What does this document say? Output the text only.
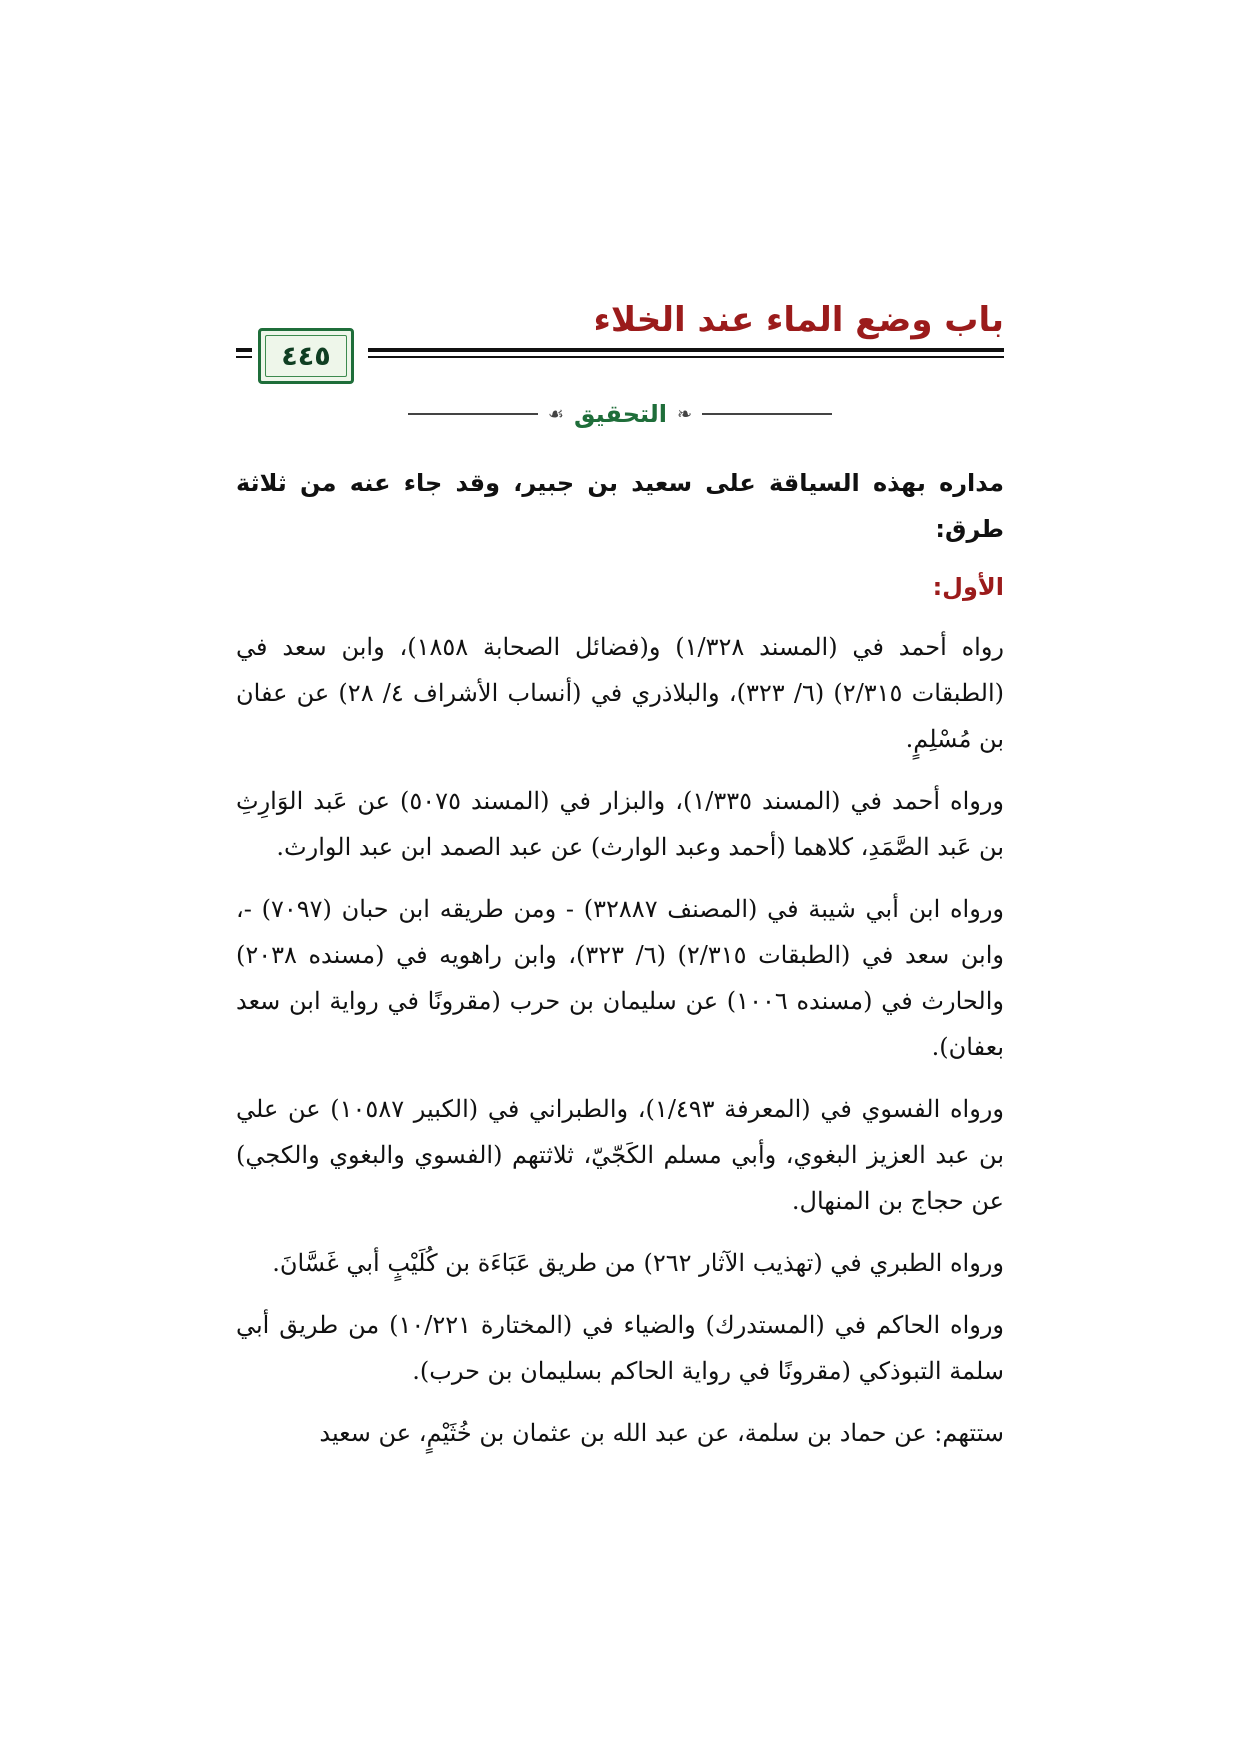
باب وضع الماء عند الخلاء
٤٤٥
☙ التحقيق ❧

مداره بهذه السياقة على سعيد بن جبير، وقد جاء عنه من ثلاثة طرق:

الأول:

رواه أحمد في (المسند ١/٣٢٨) و(فضائل الصحابة ١٨٥٨)، وابن سعد في (الطبقات ٢/٣١٥) (٦/ ٣٢٣)، والبلاذري في (أنساب الأشراف ٤/ ٢٨) عن عفان بن مُسْلِمٍ.

ورواه أحمد في (المسند ١/٣٣٥)، والبزار في (المسند ٥٠٧٥) عن عَبد الوَارِثِ بن عَبد الصَّمَدِ، كلاهما (أحمد وعبد الوارث) عن عبد الصمد ابن عبد الوارث.

ورواه ابن أبي شيبة في (المصنف ٣٢٨٨٧) - ومن طريقه ابن حبان (٧٠٩٧) -، وابن سعد في (الطبقات ٢/٣١٥) (٦/ ٣٢٣)، وابن راهويه في (مسنده ٢٠٣٨) والحارث في (مسنده ١٠٠٦) عن سليمان بن حرب (مقرونًا في رواية ابن سعد بعفان).

ورواه الفسوي في (المعرفة ١/٤٩٣)، والطبراني في (الكبير ١٠٥٨٧) عن علي بن عبد العزيز البغوي، وأبي مسلم الكَجّيّ، ثلاثتهم (الفسوي والبغوي والكجي) عن حجاج بن المنهال.

ورواه الطبري في (تهذيب الآثار ٢٦٢) من طريق عَبَاءَة بن كُلَيْبٍ أبي غَسَّانَ.

ورواه الحاكم في (المستدرك) والضياء في (المختارة ١٠/٢٢١) من طريق أبي سلمة التبوذكي (مقرونًا في رواية الحاكم بسليمان بن حرب).

ستتهم: عن حماد بن سلمة، عن عبد الله بن عثمان بن خُثَيْمٍ، عن سعيد
